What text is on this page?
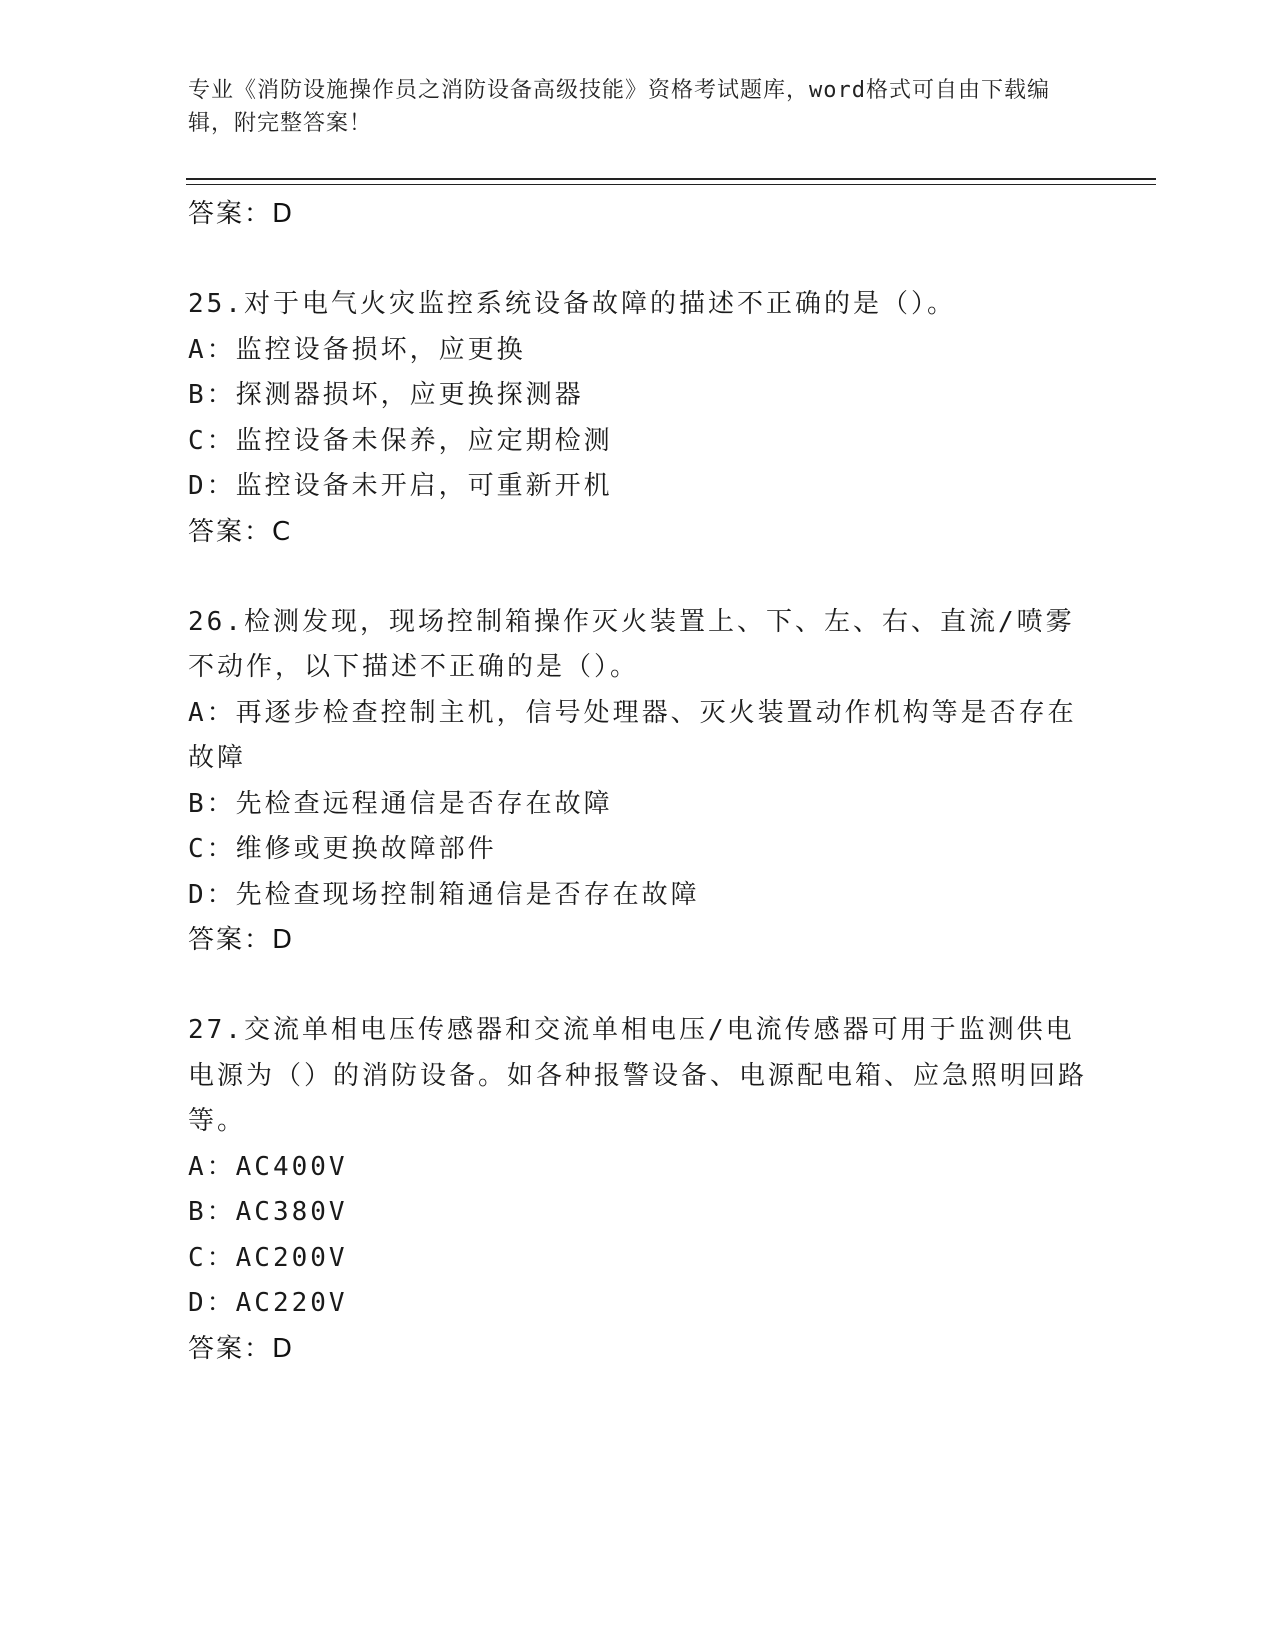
专业《消防设施操作员之消防设备高级技能》资格考试题库，word格式可自由下载编辑，附完整答案！
答案：D
25.对于电气火灾监控系统设备故障的描述不正确的是（）。
A：监控设备损坏，应更换
B：探测器损坏，应更换探测器
C：监控设备未保养，应定期检测
D：监控设备未开启，可重新开机
答案：C
26.检测发现，现场控制箱操作灭火装置上、下、左、右、直流/喷雾不动作，以下描述不正确的是（）。
A：再逐步检查控制主机，信号处理器、灭火装置动作机构等是否存在故障
B：先检查远程通信是否存在故障
C：维修或更换故障部件
D：先检查现场控制箱通信是否存在故障
答案：D
27.交流单相电压传感器和交流单相电压/电流传感器可用于监测供电电源为（）的消防设备。如各种报警设备、电源配电箱、应急照明回路等。
A：AC400V
B：AC380V
C：AC200V
D：AC220V
答案：D
